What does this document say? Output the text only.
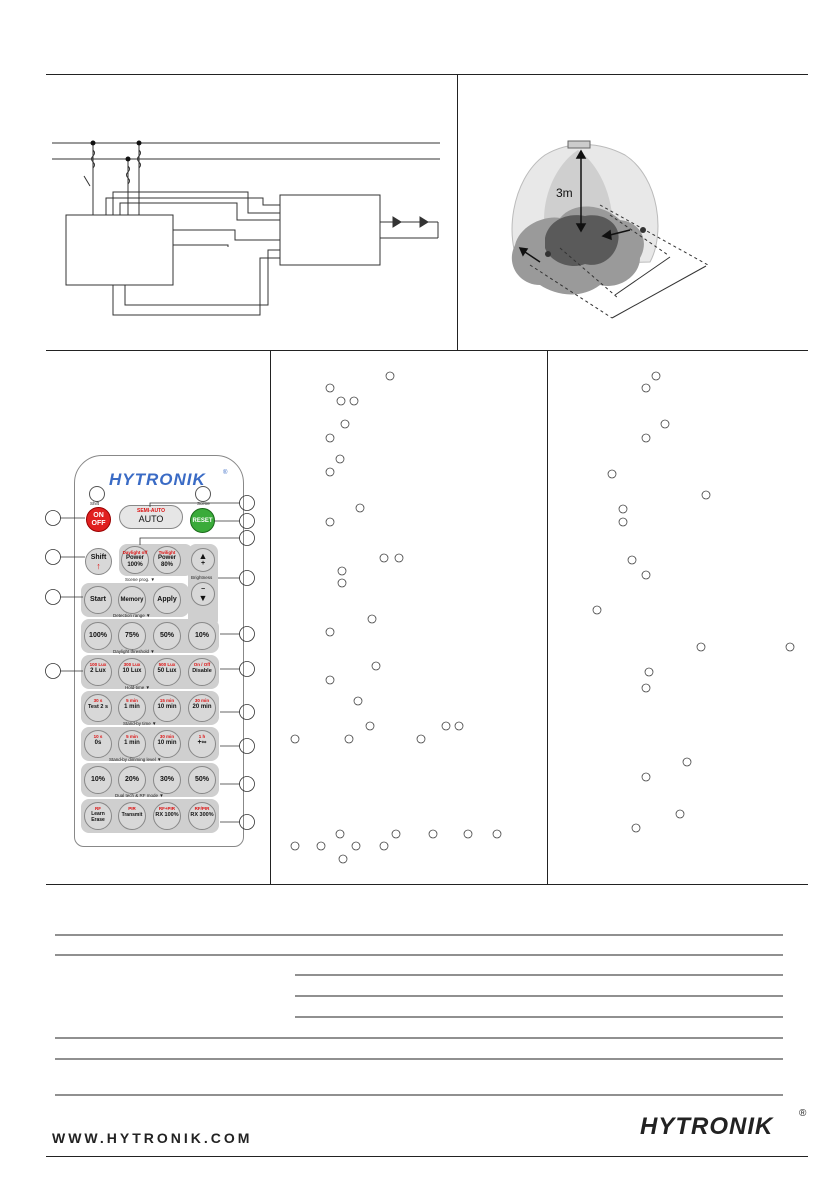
3m
HYTRONIK	®
Shift	Scene
ON
OFF
SEMI-AUTO
AUTO	RESET
Shift
↑
Daylight off
Power
100%
Twilight
Power
80%
▲
+
Brightness
−
▼
Scene prog. ▼
Start	Memory	Apply
Detection range ▼
100%	75%	50%	10%
Daylight threshold ▼
100 Lux
2 Lux
300 Lux
10 Lux
500 Lux
50 Lux
On / Off
Disable
Hold-time ▼
30 s
Test 2 s
5 min
1 min
15 min
10 min
30 min
20 min
Stand-by time ▼
10 s
0s
5 min
1 min
30 min
10 min
1 h
+∞
Stand-by dimming level ▼
10%	20%	30%	50%
Dual tech & RF mode ▼
RF
Learn Erase
PIR
Transmit
RF+PIR
RX 100%
RF/PIR
RX 300%
WWW.HYTRONIK.COM	HYTRONIK	®
